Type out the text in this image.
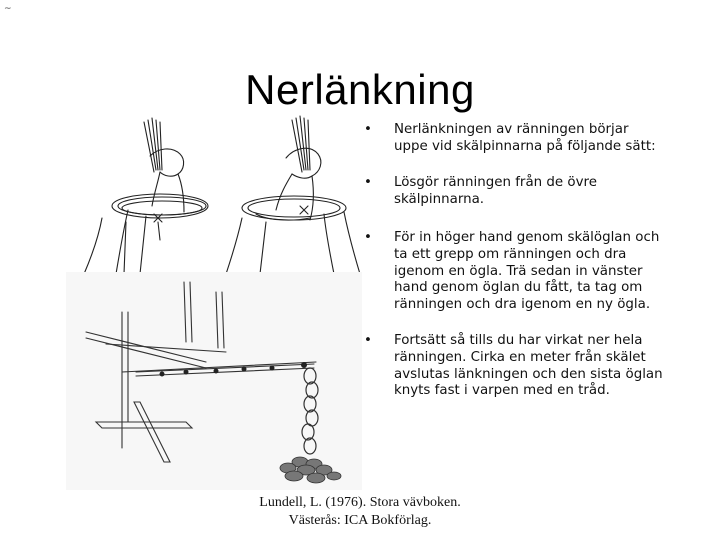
~
Nerlänkning
• Nerlänkningen av ränningen börjar uppe vid skälpinnarna på följande sätt:
• Lösgör ränningen från de övre skälpinnarna.
• För in höger hand genom skälöglan och ta ett grepp om ränningen och dra igenom en ögla. Trä sedan in vänster hand genom öglan du fått, ta tag om ränningen och dra igenom en ny ögla.
• Fortsätt så tills du har virkat ner hela ränningen. Cirka en meter från skälet avslutas länkningen och den sista öglan knyts fast i varpen med en tråd.
Lundell, L. (1976). Stora vävboken.
Västerås: ICA Bokförlag.
